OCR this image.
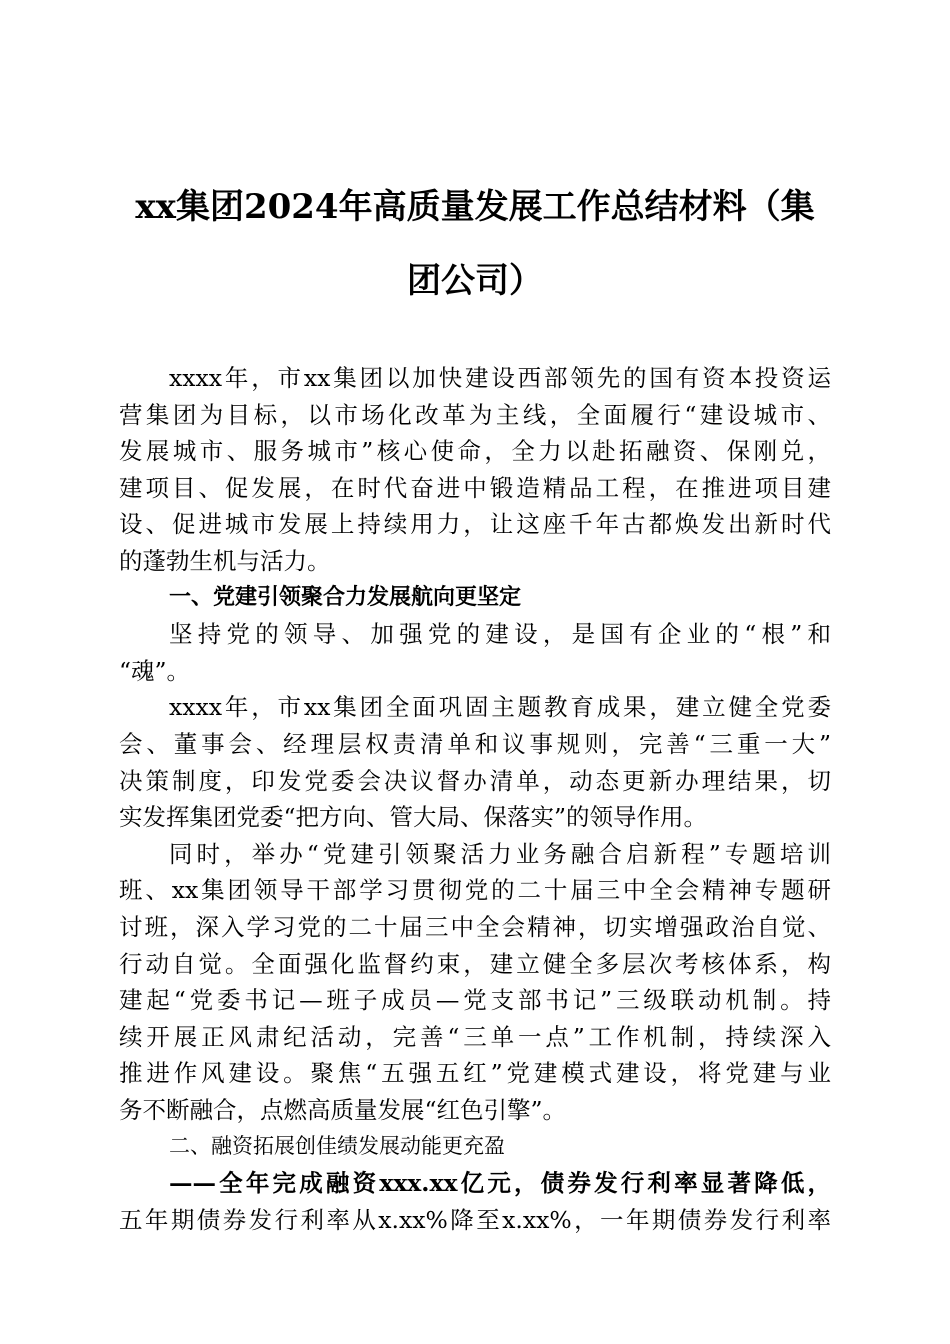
xx集团2024年高质量发展工作总结材料（集
团公司）
xxxx年，市xx集团以加快建设西部领先的国有资本投资运
营集团为目标，以市场化改革为主线，全面履行“建设城市、
发展城市、服务城市”核心使命，全力以赴拓融资、保刚兑，
建项目、促发展，在时代奋进中锻造精品工程，在推进项目建
设、促进城市发展上持续用力，让这座千年古都焕发出新时代
的蓬勃生机与活力。
一、党建引领聚合力发展航向更坚定
坚持党的领导、加强党的建设，是国有企业的“根”和
“魂”。
xxxx年，市xx集团全面巩固主题教育成果，建立健全党委
会、董事会、经理层权责清单和议事规则，完善“三重一大”
决策制度，印发党委会决议督办清单，动态更新办理结果，切
实发挥集团党委“把方向、管大局、保落实”的领导作用。
同时，举办“党建引领聚活力业务融合启新程”专题培训
班、xx集团领导干部学习贯彻党的二十届三中全会精神专题研
讨班，深入学习党的二十届三中全会精神，切实增强政治自觉、
行动自觉。全面强化监督约束，建立健全多层次考核体系，构
建起“党委书记—班子成员—党支部书记”三级联动机制。持
续开展正风肃纪活动，完善“三单一点”工作机制，持续深入
推进作风建设。聚焦“五强五红”党建模式建设，将党建与业
务不断融合，点燃高质量发展“红色引擎”。
二、融资拓展创佳绩发展动能更充盈
——全年完成融资xxx.xx亿元，债券发行利率显著降低，
五年期债券发行利率从x.xx%降至x.xx%，一年期债券发行利率
